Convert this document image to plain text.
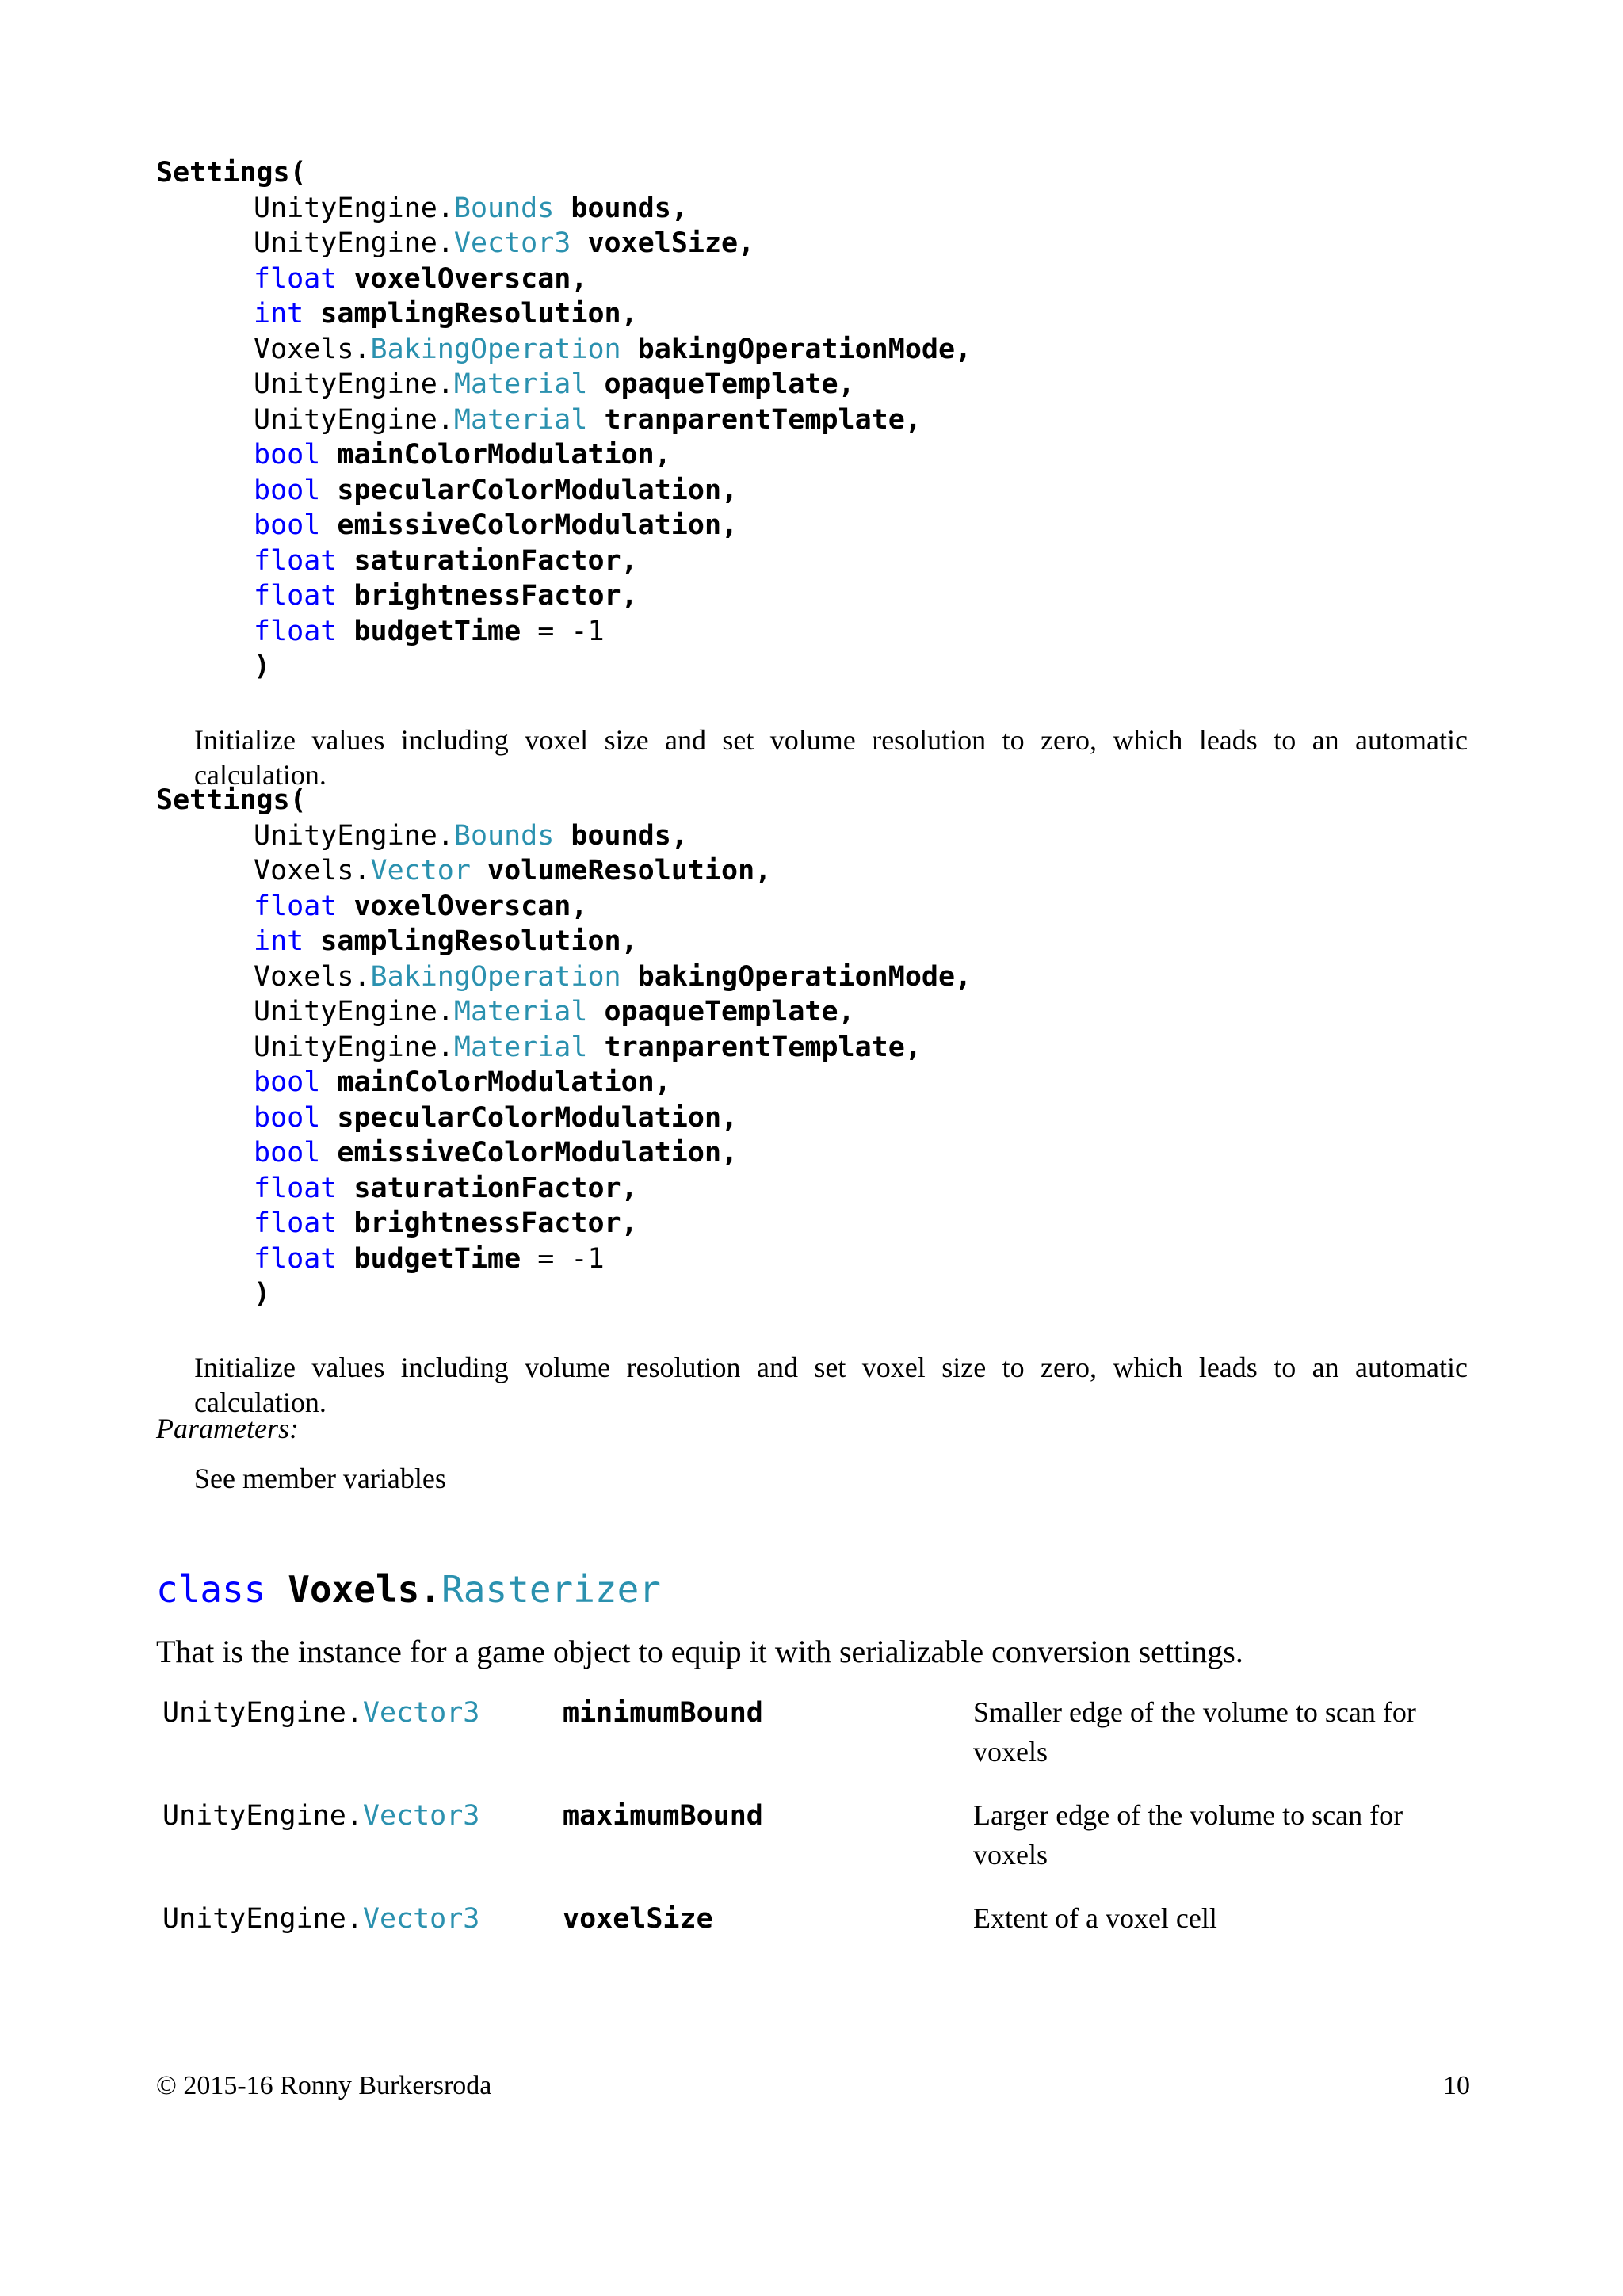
Settings(
UnityEngine.Bounds bounds,
UnityEngine.Vector3 voxelSize,
float voxelOverscan,
int samplingResolution,
Voxels.BakingOperation bakingOperationMode,
UnityEngine.Material opaqueTemplate,
UnityEngine.Material tranparentTemplate,
bool mainColorModulation,
bool specularColorModulation,
bool emissiveColorModulation,
float saturationFactor,
float brightnessFactor,
float budgetTime = -1
)
Initialize values including voxel size and set volume resolution to zero, which leads to an automatic calculation.
Settings(
UnityEngine.Bounds bounds,
Voxels.Vector volumeResolution,
float voxelOverscan,
int samplingResolution,
Voxels.BakingOperation bakingOperationMode,
UnityEngine.Material opaqueTemplate,
UnityEngine.Material tranparentTemplate,
bool mainColorModulation,
bool specularColorModulation,
bool emissiveColorModulation,
float saturationFactor,
float brightnessFactor,
float budgetTime = -1
)
Initialize values including volume resolution and set voxel size to zero, which leads to an automatic calculation.
Parameters:
See member variables
class Voxels.Rasterizer
That is the instance for a game object to equip it with serializable conversion settings.
UnityEngine.Vector3	minimumBound	Smaller edge of the volume to scan for voxels
UnityEngine.Vector3	maximumBound	Larger edge of the volume to scan for voxels
UnityEngine.Vector3	voxelSize	Extent of a voxel cell
© 2015-16 Ronny Burkersroda	10
